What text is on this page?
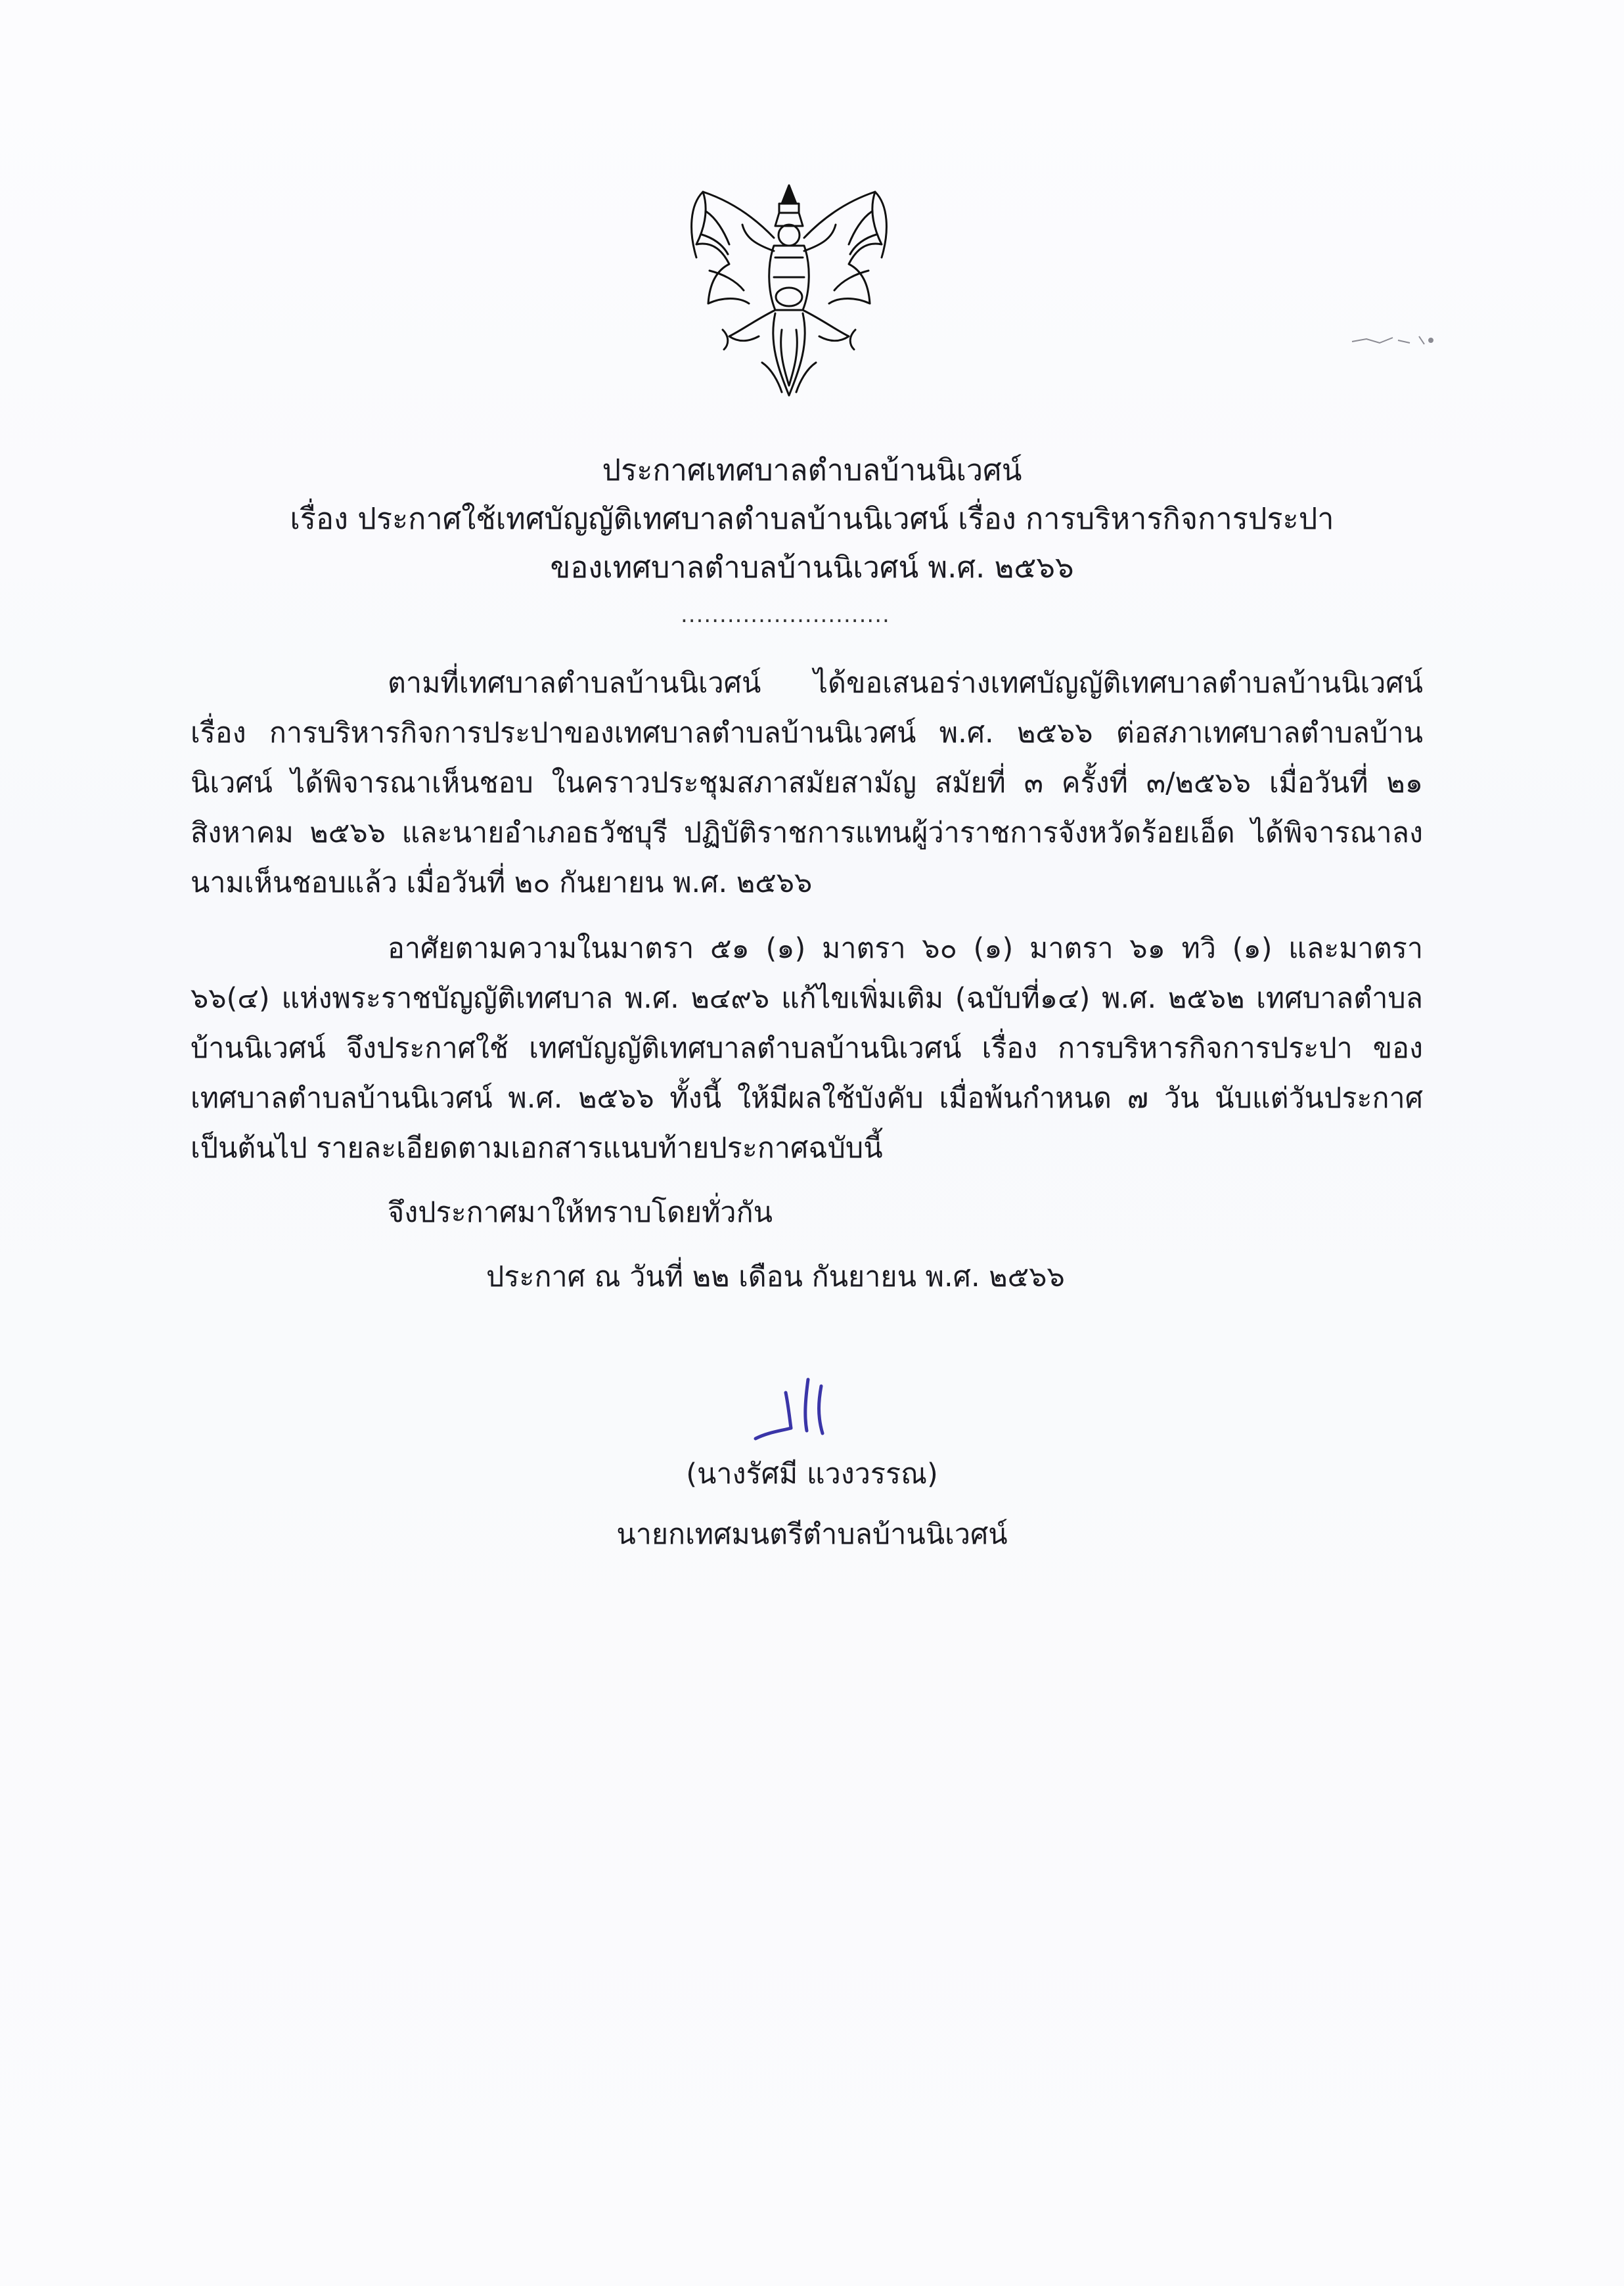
ประกาศเทศบาลตำบลบ้านนิเวศน์
เรื่อง ประกาศใช้เทศบัญญัติเทศบาลตำบลบ้านนิเวศน์ เรื่อง การบริหารกิจการประปา
ของเทศบาลตำบลบ้านนิเวศน์ พ.ศ. ๒๕๖๖
...........................
ตามที่เทศบาลตำบลบ้านนิเวศน์ ได้ขอเสนอร่างเทศบัญญัติเทศบาลตำบลบ้านนิเวศน์ เรื่อง การบริหารกิจการประปาของเทศบาลตำบลบ้านนิเวศน์ พ.ศ. ๒๕๖๖ ต่อสภาเทศบาลตำบลบ้านนิเวศน์ ได้พิจารณาเห็นชอบ ในคราวประชุมสภาสมัยสามัญ สมัยที่ ๓ ครั้งที่ ๓/๒๕๖๖ เมื่อวันที่ ๒๑ สิงหาคม ๒๕๖๖ และนายอำเภอธวัชบุรี ปฏิบัติราชการแทนผู้ว่าราชการจังหวัดร้อยเอ็ด ได้พิจารณาลงนามเห็นชอบแล้ว เมื่อวันที่ ๒๐ กันยายน พ.ศ. ๒๕๖๖
อาศัยตามความในมาตรา ๕๑ (๑) มาตรา ๖๐ (๑) มาตรา ๖๑ ทวิ (๑) และมาตรา ๖๖(๔) แห่งพระราชบัญญัติเทศบาล พ.ศ. ๒๔๙๖ แก้ไขเพิ่มเติม (ฉบับที่๑๔) พ.ศ. ๒๕๖๒ เทศบาลตำบล บ้านนิเวศน์ จึงประกาศใช้ เทศบัญญัติเทศบาลตำบลบ้านนิเวศน์ เรื่อง การบริหารกิจการประปา ของเทศบาลตำบลบ้านนิเวศน์ พ.ศ. ๒๕๖๖ ทั้งนี้ ให้มีผลใช้บังคับ เมื่อพ้นกำหนด ๗ วัน นับแต่วันประกาศ เป็นต้นไป รายละเอียดตามเอกสารแนบท้ายประกาศฉบับนี้
จึงประกาศมาให้ทราบโดยทั่วกัน
ประกาศ ณ วันที่ ๒๒ เดือน กันยายน พ.ศ. ๒๕๖๖
(นางรัศมี แวงวรรณ)
นายกเทศมนตรีตำบลบ้านนิเวศน์
